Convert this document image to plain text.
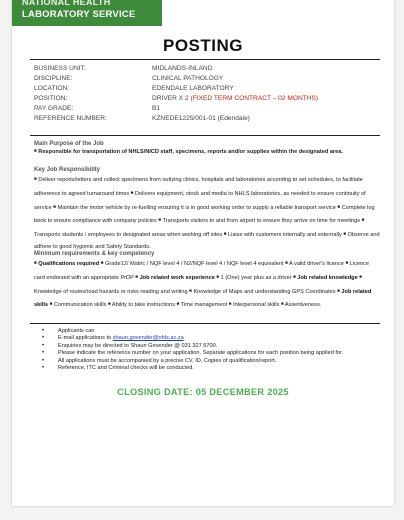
NATIONAL HEALTH
LABORATORY SERVICE
POSTING
BUSINESS UNIT:	MIDLANDS-INLAND
DISCIPLINE:	CLINICAL PATHOLOGY
LOCATION:	EDENDALE LABORATORY
POSITION:	DRIVER X 2 (FIXED TERM CONTRACT – 02 MONTHS)
PAY GRADE:	B1
REFERENCE NUMBER:	KZNEDE1225/001-01 (Edendale)
Main Purpose of the Job
■ Responsible for transportation of NHLS/NICD staff, specimens, reports and/or supplies within the designated area.
Key Job Responsibility
■ Deliver reports/letters and collect specimens from outlying clinics, hospitals and laboratories according to set schedules, to facilitate adherence to agreed turnaround times ■ Delivers equipment, stock and media to NHLS laboratories, as needed to ensure continuity of service ■ Maintain the motor vehicle by re-fuelling ensuring it is in good working order to supply a reliable transport service ■ Complete log book to ensure compliance with company policies ■ Transports visitors to and from airport to ensure they arrive on time for meetings ■ Transports students / employees to designated areas when working off sites ■ Liaise with customers internally and externally ■ Observe and adhere to good hygienic and Safety Standards.
Minimum requirements & key competency
■ Qualifications required ■ Grade12/ Matric / NQF level 4 / N2/NQF level 4 / NQF level 4 equivalent ■ A valid driver's licence ■ Licence card endorsed with an appropriate PrDP ■ Job related work experience ■ 1 (One) year plus as a driver ■ Job related knowledge ■ Knowledge of routes/road hazards or risks reading and writing ■ Knowledge of Maps and understanding GPS Coordinates ■ Job related skills ■ Communication skills ■ Ability to take instructions ■ Time management ■ Interpersonal skills ■ Assertiveness.
• Applicants can
• E-mail applications to shaun.govender@nhls.ac.za
• Enquiries may be directed to Shaun Govender @ 031 327 6700.
• Please indicate the reference number on your application. Separate applications for each position being applied for.
• All applications must be accompanied by a precise CV, ID, Copies of qualification/report.
• Reference, ITC and Criminal checks will be conducted.
CLOSING DATE: 05 DECEMBER 2025
